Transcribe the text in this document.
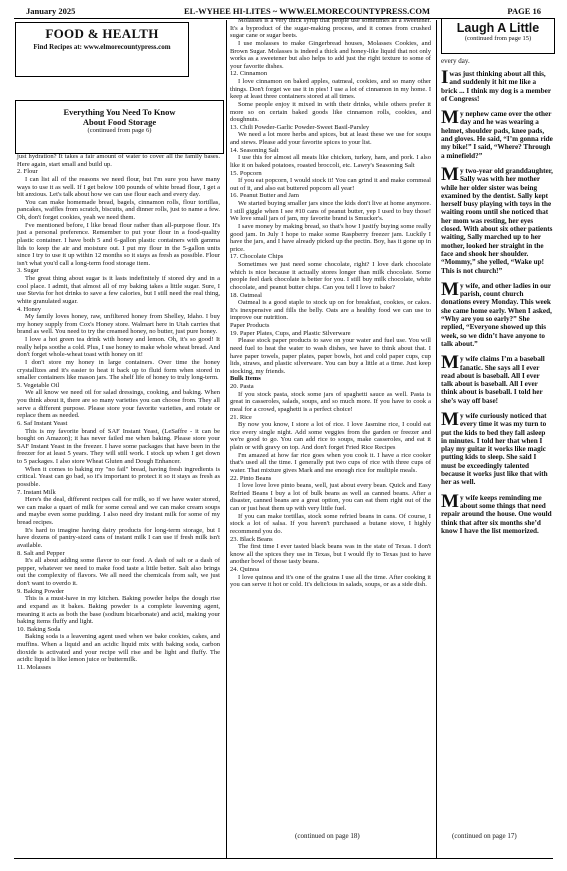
January 2025	EL-WYHEE HI-LITES ~ WWW.ELMORECOUNTYPRESS.COM	PAGE 16
FOOD & HEALTH
Find Recipes at: www.elmorecountypress.com
Everything You Need To Know
About Food Storage
(continued from page 6)

just hydration? It takes a fair amount of water to cover all the family bases. Here again, start small and build up.

2. Flour

I can list all of the reasons we need flour, but I'm sure you have many ways to use it as well. If I get below 100 pounds of white bread flour, I get a bit anxious. Let's talk about how we can use flour each and every day.

You can make homemade bread, bagels, cinnamon rolls, flour tortillas, pancakes, waffles from scratch, biscuits, and dinner rolls, just to name a few. Oh, don't forget cookies, yeah we need them.

I've mentioned before, I like bread flour rather than all-purpose flour. It's just a personal preference. Remember to put your flour in a food-quality plastic container. I have both 5 and 6-gallon plastic containers with gamma lids to keep the air and moisture out. I put my flour in the 5-gallon units since I try to use it up within 12 months so it stays as fresh as possible. Flour isn't what you'd call a long-term food storage item.

3. Sugar

The great thing about sugar is it lasts indefinitely if stored dry and in a cool place. I admit, that almost all of my baking takes a little sugar. Sure, I use Stevia for hot drinks to save a few calories, but I still need the real thing, white granulated sugar.

4. Honey

My family loves honey, raw, unfiltered honey from Shelley, Idaho. I buy my honey supply from Cox's Honey store. Walmart here in Utah carries that brand as well. You need to try the creamed honey, no butter, just pure honey.

I love a hot green tea drink with honey and lemon. Oh, it's so good! It really helps soothe a cold. Plus, I use honey to make whole wheat bread. And don't forget whole-wheat toast with honey on it!

I don't store my honey in large containers. Over time the honey crystallizes and it's easier to heat it back up to fluid form when stored in smaller containers like mason jars. The shelf life of honey to truly long-term.

5. Vegetable Oil

We all know we need oil for salad dressings, cooking, and baking. When you think about it, there are so many varieties you can choose from. They all serve a different purpose. Please store your favorite varieties, and rotate or replace them as needed.

6. Saf Instant Yeast

This is my favorite brand of SAF Instant Yeast, (LeSaffre - it can be bought on Amazon); it has never failed me when baking. Please store your SAF Instant Yeast in the freezer. I have some packages that have been in the freezer for at least 5 years. They will still work. I stock up when I get down to 5 packages. I also store Wheat Gluten and Dough Enhancer.

When it comes to baking my "no fail" bread, having fresh ingredients is critical. Yeast can go bad, so it's important to protect it so it stays as fresh as possible.

7. Instant Milk

Here's the deal, different recipes call for milk, so if we have water stored, we can make a quart of milk for some cereal and we can make cream soups and maybe even some pudding. I also need dry instant milk for some of my bread recipes.

It's hard to imagine having dairy products for long-term storage, but I have dozens of pantry-sized cans of instant milk I can use if fresh milk isn't available.

8. Salt and Pepper

It's all about adding some flavor to our food. A dash of salt or a dash of pepper, whatever we need to make food taste a little better. Salt also brings out the complexity of flavors. We all need the chemicals from salt, we just don't want to overdo it.

9. Baking Powder

This is a must-have in my kitchen. Baking powder helps the dough rise and expand as it bakes. Baking powder is a complete leavening agent, meaning it acts as both the base (sodium bicarbonate) and acid, making your baking items fluffy and light.

10. Baking Soda

Baking soda is a leavening agent used when we bake cookies, cakes, and muffins. When a liquid and an acidic liquid mix with baking soda, carbon dioxide is activated and your recipe will rise and be light and fluffy. The acidic liquid is like lemon juice or buttermilk.

11. Molasses

Molasses is a very thick syrup that people use sometimes as a sweetener. It's a byproduct of the sugar-making process, and it comes from crushed sugar cane or sugar beets.

I use molasses to make Gingerbread houses, Molasses Cookies, and Brown Sugar. Molasses is indeed a thick and honey-like liquid that not only works as a sweetener but also helps to add just the right texture to some of your favorite dishes.

12. Cinnamon

I love cinnamon on baked apples, oatmeal, cookies, and so many other things. Don't forget we use it in pies! I use a lot of cinnamon in my home. I keep at least three containers stored at all times.

Some people enjoy it mixed in with their drinks, while others prefer it more so on certain baked goods like cinnamon rolls, cookies, and doughnuts.

13. Chili Powder-Garlic Powder-Sweet Basil-Parsley

We need a lot more herbs and spices, but at least these we use for soups and stews. Please add your favorite spices to your list.

14. Seasoning Salt

I use this for almost all meats like chicken, turkey, ham, and pork. I also like it on baked potatoes, roasted broccoli, etc. Lawry's Seasoning Salt

15. Popcorn

If you eat popcorn, I would stock it! You can grind it and make cornmeal out of it, and also eat buttered popcorn all year!

16. Peanut Butter and Jam

We started buying smaller jars since the kids don't live at home anymore. I still giggle when I see #10 cans of peanut butter, yep I used to buy those! We love small jars of jam, my favorite brand is Smucker's.

I save money by making bread, so that's how I justify buying some really good jam. In July I hope to make some Raspberry freezer jam. Luckily I have the jars, and I have already picked up the pectin. Boy, has it gone up in price.

17. Chocolate Chips

Sometimes we just need some chocolate, right? I love dark chocolate which is nice because it actually stores longer than milk chocolate. Some people feel dark chocolate is better for you. I still buy milk chocolate, white chocolate, and peanut butter chips. Can you tell I love to bake?

18. Oatmeal

Oatmeal is a good staple to stock up on for breakfast, cookies, or cakes. It's inexpensive and fills the belly. Oats are a healthy food we can use to improve our nutrition.

Paper Products

19. Paper Plates, Cups, and Plastic Silverware

Please stock paper products to save on your water and fuel use. You will need fuel to heat the water to wash dishes, we have to think about that. I have paper towels, paper plates, paper bowls, hot and cold paper cups, cup lids, straws, and plastic silverware. You can buy a little at a time. Just keep stocking, my friends.

Bulk Items

20. Pasta

If you stock pasta, stock some jars of spaghetti sauce as well. Pasta is great in casseroles, salads, soups, and so much more. If you have to cook a meal for a crowd, spaghetti is a perfect choice!

21. Rice

By now you know, I store a lot of rice. I love Jasmine rice, I could eat rice every single night. Add some veggies from the garden or freezer and we're good to go. You can add rice to soups, make casseroles, and eat it plain or with gravy on top. And don't forget Fried Rice Recipes

I'm amazed at how far rice goes when you cook it. I have a rice cooker that's used all the time. I generally put two cups of rice with three cups of water. That mixture gives Mark and me enough rice for multiple meals.

22. Pinto Beans

I love love love pinto beans, well, just about every bean. Quick and Easy Refried Beans I buy a lot of bulk beans as well as canned beans. After a disaster, canned beans are a great option, you can eat them right out of the can or just heat them up with very little fuel.

If you can make tortillas, stock some refried beans in cans. Of course, I stock a lot of salsa. If you haven't purchased a butane stove, I highly recommend you do.

23. Black Beans

The first time I ever tasted black beans was in the state of Texas. I don't know all the spices they use in Texas, but I would fly to Texas just to have another bowl of those tasty beans.

24. Quinoa

I love quinoa and it's one of the grains I use all the time. After cooking it you can serve it hot or cold. It's delicious in salads, soups, or as a side dish.

(continued on page 18)
Laugh A Little
(continued from page 15)
every day.
I was just thinking about all this, and suddenly it hit me like a brick ... I think my dog is a member of Congress!
My nephew came over the other day and he was wearing a helmet, shoulder pads, knee pads, and gloves. He said, “I’m gonna ride my bike!” I said, “Where? Through a minefield?”
My two-year old granddaughter, Sally was with her mother while her older sister was being examined by the dentist. Sally kept herself busy playing with toys in the waiting room until she noticed that her mom was resting, her eyes closed. With about six other patients waiting, Sally marched up to her mother, looked her straight in the face and shook her shoulder. “Mommy,” she yelled, “Wake up! This is not church!”
My wife, and other ladies in our parish, count church donations every Monday. This week she came home early. When I asked, “Why are you so early?” She replied, “Everyone showed up this week, so we didn’t have anyone to talk about.”
My wife claims I’m a baseball fanatic. She says all I ever read about is baseball. All I ever talk about is baseball. All I ever think about is baseball. I told her she’s way off base!
My wife curiously noticed that every time it was my turn to put the kids to bed they fall asleep in minutes. I told her that when I play my guitar it works like magic putting kids to sleep. She said I must be exceedingly talented because it works just like that with her as well.
My wife keeps reminding me about some things that need repair around the house. One would think that after six months she’d know I have the list memorized.
(continued on page 17)
